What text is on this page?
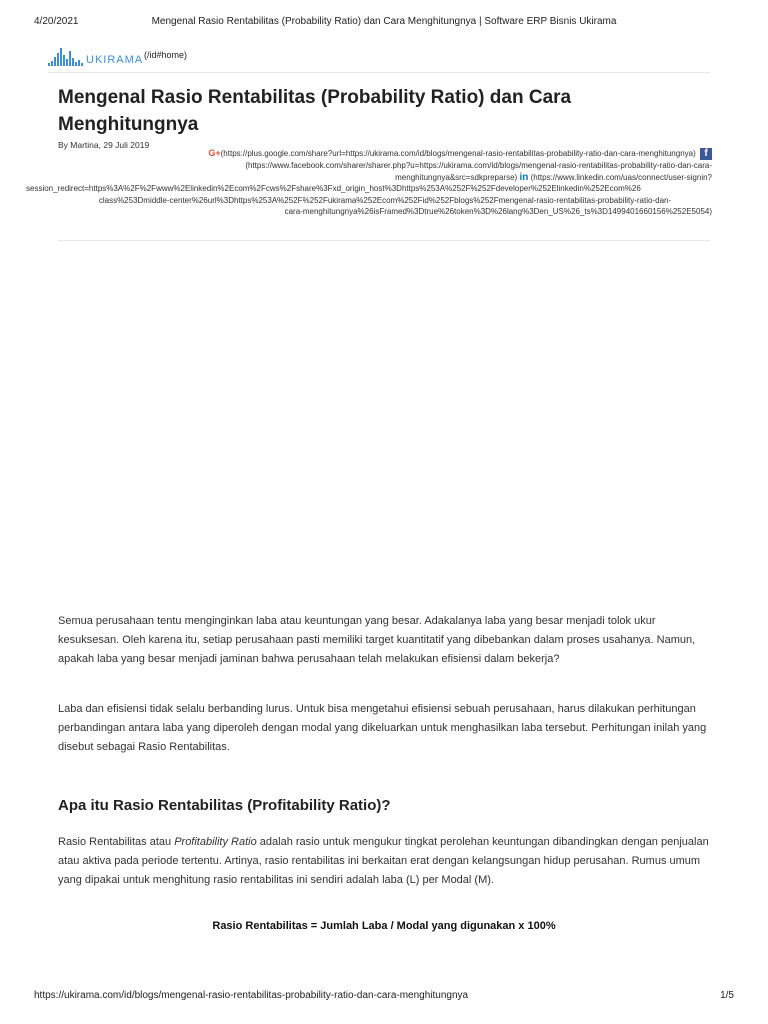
4/20/2021	Mengenal Rasio Rentabilitas (Probability Ratio) dan Cara Menghitungnya | Software ERP Bisnis Ukirama
UKIRAMA (/id#home)
Mengenal Rasio Rentabilitas (Probability Ratio) dan Cara Menghitungnya
By Martina, 29 Juli 2019
G+(https://plus.google.com/share?url=https://ukirama.com/id/blogs/mengenal-rasio-rentabilitas-probability-ratio-dan-cara-menghitungnya) f
(https://www.facebook.com/sharer/sharer.php?u=https://ukirama.com/id/blogs/mengenal-rasio-rentabilitas-probability-ratio-dan-cara-
menghitungnya&src=sdkpreparse) in (https://www.linkedin.com/uas/connect/user-signin?
session_redirect=https%3A%2F%2Fwww%2Elinkedin%2Ecom%2Fcws%2Fshare%3Fxd_origin_host%3Dhttps%253A%252F%252Fdeveloper%252Elinkedin%252Ecom%26
class%253Dmiddle-center%26url%3Dhttps%253A%252F%252Fukirama%252Ecom%252Fid%252Fblogs%252Fmengenal-rasio-rentabilitas-probability-ratio-dan-
cara-menghitungnya%26isFramed%3Dtrue%26token%3D%26lang%3Den_US%26_ts%3D1499401660156%252E5054)

Semua perusahaan tentu menginginkan laba atau keuntungan yang besar. Adakalanya laba yang besar menjadi tolok ukur kesuksesan. Oleh karena itu, setiap perusahaan pasti memiliki target kuantitatif yang dibebankan dalam proses usahanya. Namun, apakah laba yang besar menjadi jaminan bahwa perusahaan telah melakukan efisiensi dalam bekerja?

Laba dan efisiensi tidak selalu berbanding lurus. Untuk bisa mengetahui efisiensi sebuah perusahaan, harus dilakukan perhitungan perbandingan antara laba yang diperoleh dengan modal yang dikeluarkan untuk menghasilkan laba tersebut. Perhitungan inilah yang disebut sebagai Rasio Rentabilitas.

Apa itu Rasio Rentabilitas (Profitability Ratio)?

Rasio Rentabilitas atau Profitability Ratio adalah rasio untuk mengukur tingkat perolehan keuntungan dibandingkan dengan penjualan atau aktiva pada periode tertentu. Artinya, rasio rentabilitas ini berkaitan erat dengan kelangsungan hidup perusahan. Rumus umum yang dipakai untuk menghitung rasio rentabilitas ini sendiri adalah laba (L) per Modal (M).

Rasio Rentabilitas = Jumlah Laba / Modal yang digunakan x 100%
https://ukirama.com/id/blogs/mengenal-rasio-rentabilitas-probability-ratio-dan-cara-menghitungnya	1/5
